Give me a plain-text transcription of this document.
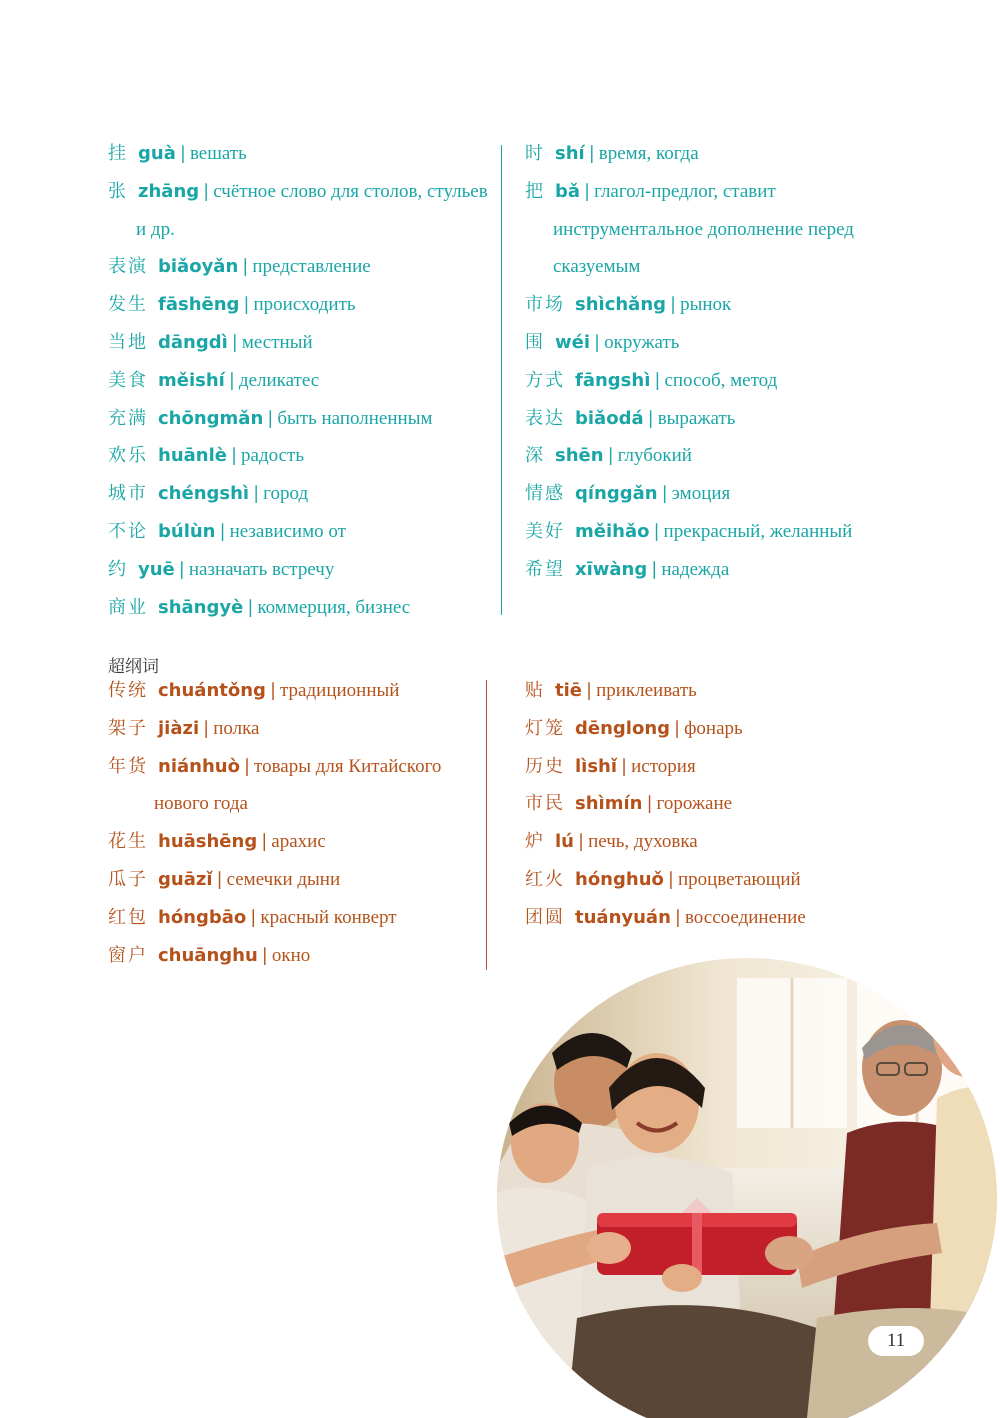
挂 guà | вешать
张 zhāng | счётное слово для столов, стульев
и др.
表演 biǎoyǎn | представление
发生 fāshēng | происходить
当地 dāngdì | местный
美食 měishí | деликатес
充满 chōngmǎn | быть наполненным
欢乐 huānlè | радость
城市 chéngshì | город
不论 búlùn | независимо от
约 yuē | назначать встречу
商业 shāngyè | коммерция, бизнес
时 shí | время, когда
把 bǎ | глагол-предлог, ставит
инструментальное дополнение перед
сказуемым
市场 shìchǎng | рынок
围 wéi | окружать
方式 fāngshì | способ, метод
表达 biǎodá | выражать
深 shēn | глубокий
情感 qínggǎn | эмоция
美好 měihǎo | прекрасный, желанный
希望 xīwàng | надежда
超纲词
传统 chuántǒng | традиционный
架子 jiàzi | полка
年货 niánhuò | товары для Китайского
нового года
花生 huāshēng | арахис
瓜子 guāzǐ | семечки дыни
红包 hóngbāo | красный конверт
窗户 chuānghu | окно
贴 tiē | приклеивать
灯笼 dēnglong | фонарь
历史 lìshǐ | история
市民 shìmín | горожане
炉 lú | печь, духовка
红火 hónghuǒ | процветающий
团圆 tuányuán | воссоединение
11
